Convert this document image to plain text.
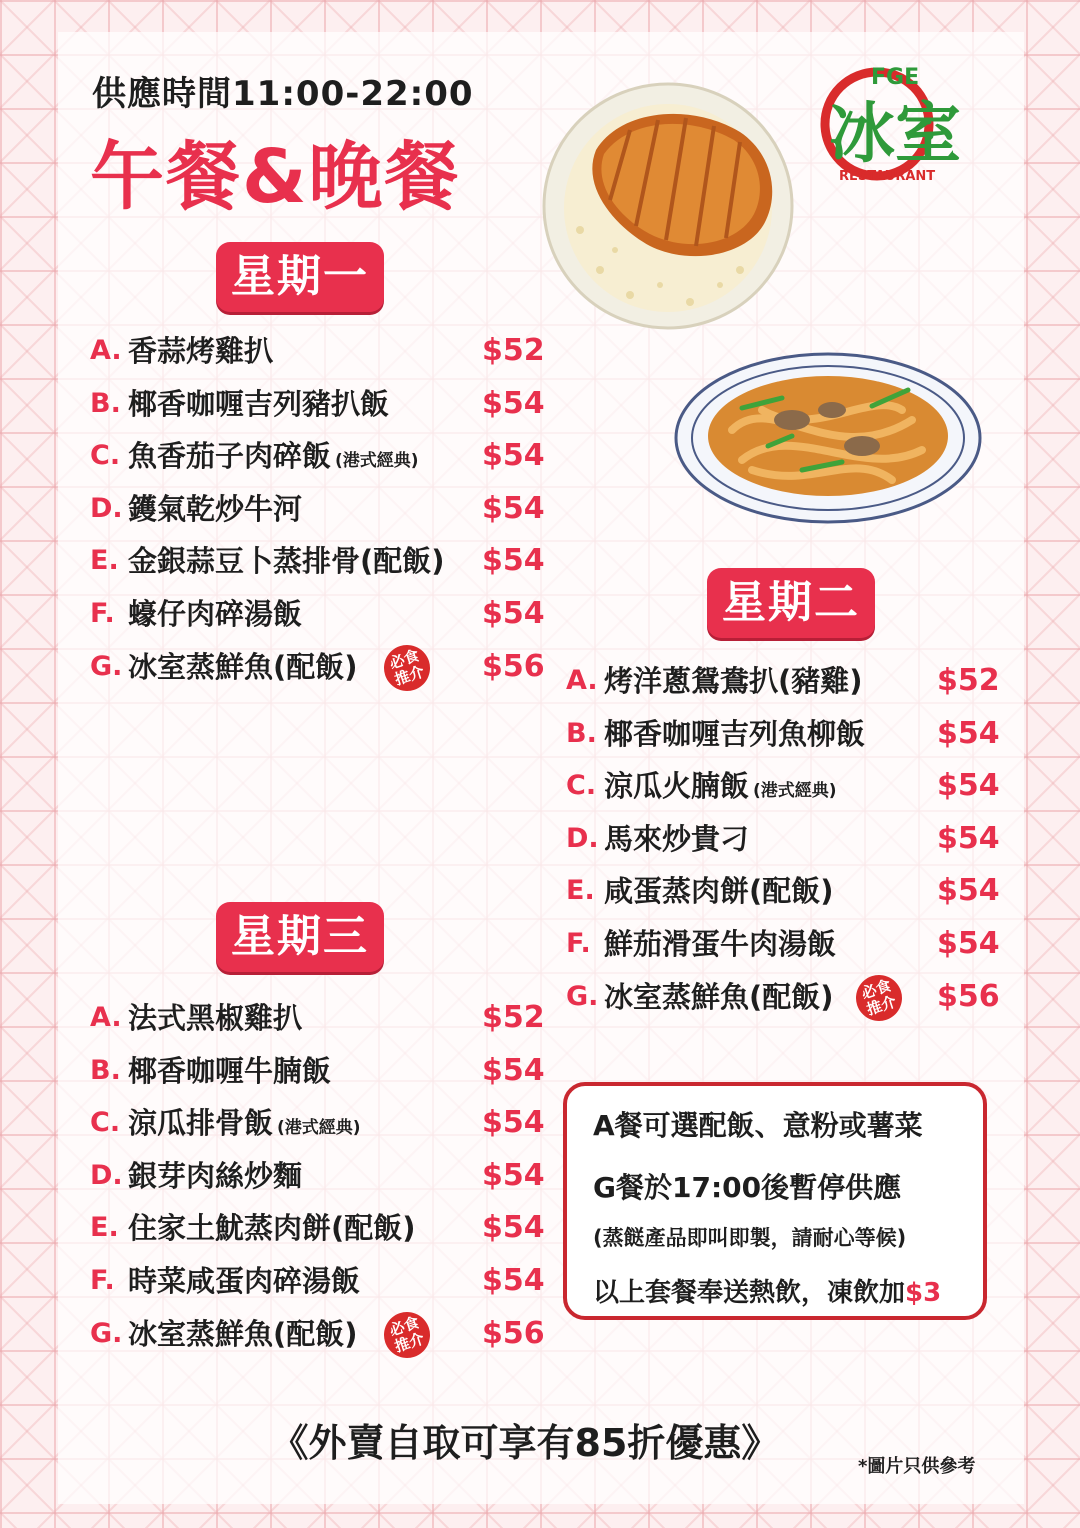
供應時間11:00-22:00
午餐&晚餐
FGE
冰室
RESTAURANT
星期一
A. 香蒜烤雞扒	$52
B. 椰香咖喱吉列豬扒飯	$54
C. 魚香茄子肉碎飯 (港式經典) $54
D. 鑊氣乾炒牛河	$54
E. 金銀蒜豆卜蒸排骨(配飯) $54
F. 蠔仔肉碎湯飯	$54
G. 冰室蒸鮮魚(配飯)	$56
必食推介
星期二
A. 烤洋蔥鴛鴦扒(豬雞) $52
B. 椰香咖喱吉列魚柳飯 $54
C. 涼瓜火腩飯 (港式經典)	$54
D. 馬來炒貴刁	$54
E. 咸蛋蒸肉餅(配飯)	$54
F. 鮮茄滑蛋牛肉湯飯	$54
G. 冰室蒸鮮魚(配飯)	$56
必食推介
星期三
A. 法式黑椒雞扒	$52
B. 椰香咖喱牛腩飯	$54
C. 涼瓜排骨飯 (港式經典)	$54
D. 銀芽肉絲炒麵	$54
E. 住家土魷蒸肉餅(配飯) $54
F. 時菜咸蛋肉碎湯飯	$54
G. 冰室蒸鮮魚(配飯)	$56
必食推介
A餐可選配飯、意粉或薯菜
G餐於17:00後暫停供應
(蒸餸產品即叫即製，請耐心等候)
以上套餐奉送熱飲，凍飲加$3
《外賣自取可享有85折優惠》
*圖片只供參考
